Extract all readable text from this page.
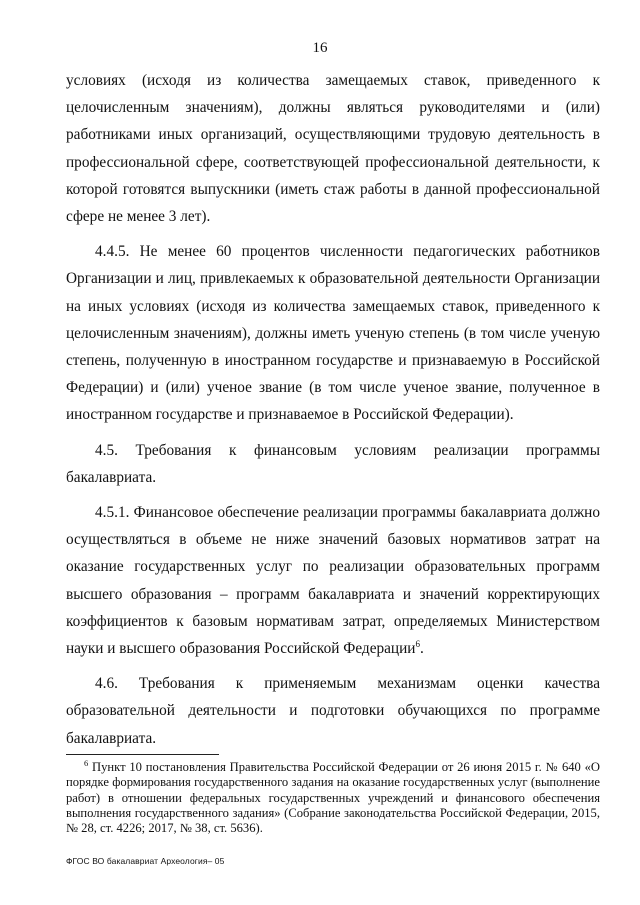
16

условиях (исходя из количества замещаемых ставок, приведенного к целочисленным значениям), должны являться руководителями и (или) работниками иных организаций, осуществляющими трудовую деятельность в профессиональной сфере, соответствующей профессиональной деятельности, к которой готовятся выпускники (иметь стаж работы в данной профессиональной сфере не менее 3 лет).

4.4.5. Не менее 60 процентов численности педагогических работников Организации и лиц, привлекаемых к образовательной деятельности Организации на иных условиях (исходя из количества замещаемых ставок, приведенного к целочисленным значениям), должны иметь ученую степень (в том числе ученую степень, полученную в иностранном государстве и признаваемую в Российской Федерации) и (или) ученое звание (в том числе ученое звание, полученное в иностранном государстве и признаваемое в Российской Федерации).

4.5. Требования к финансовым условиям реализации программы бакалавриата.

4.5.1. Финансовое обеспечение реализации программы бакалавриата должно осуществляться в объеме не ниже значений базовых нормативов затрат на оказание государственных услуг по реализации образовательных программ высшего образования – программ бакалавриата и значений корректирующих коэффициентов к базовым нормативам затрат, определяемых Министерством науки и высшего образования Российской Федерации$^6$.

4.6. Требования к применяемым механизмам оценки качества образовательной деятельности и подготовки обучающихся по программе бакалавриата.

$^6$ Пункт 10 постановления Правительства Российской Федерации от 26 июня 2015 г. № 640 «О порядке формирования государственного задания на оказание государственных услуг (выполнение работ) в отношении федеральных государственных учреждений и финансового обеспечения выполнения государственного задания» (Собрание законодательства Российской Федерации, 2015, № 28, ст. 4226; 2017, № 38, ст. 5636).
ФГОС ВО бакалавриат Археология– 05
